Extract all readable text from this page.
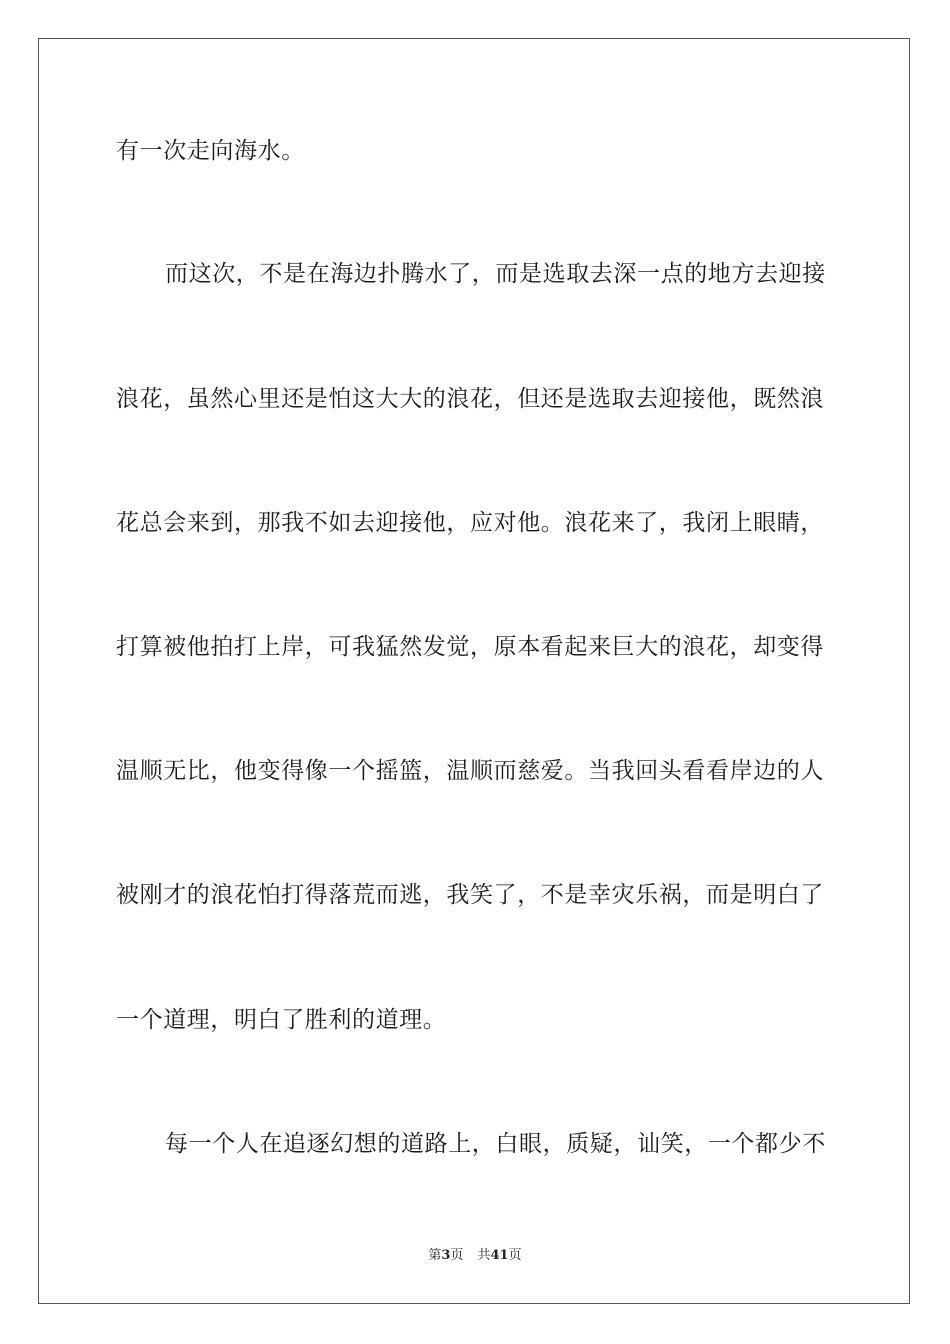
有一次走向海水。
而这次，不是在海边扑腾水了，而是选取去深一点的地方去迎接
浪花，虽然心里还是怕这大大的浪花，但还是选取去迎接他，既然浪
花总会来到，那我不如去迎接他，应对他。浪花来了，我闭上眼睛，
打算被他拍打上岸，可我猛然发觉，原本看起来巨大的浪花，却变得
温顺无比，他变得像一个摇篮，温顺而慈爱。当我回头看看岸边的人
被刚才的浪花怕打得落荒而逃，我笑了，不是幸灾乐祸，而是明白了
一个道理，明白了胜利的道理。
每一个人在追逐幻想的道路上，白眼，质疑，讪笑，一个都少不
第3页 共41页
